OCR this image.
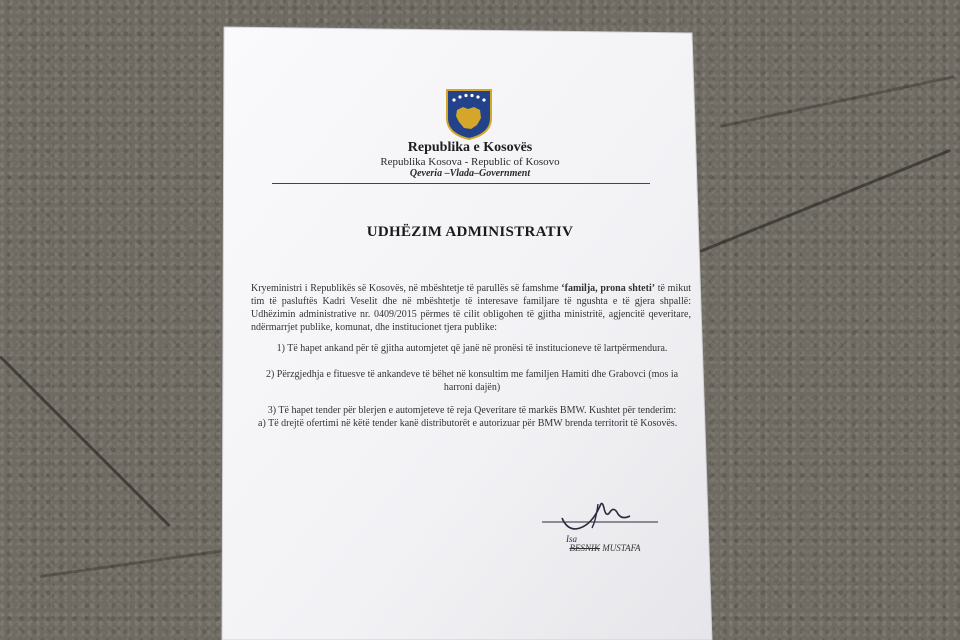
Republika e Kosovës
Republika Kosova - Republic of Kosovo
Qeveria –Vlada–Government
UDHËZIM ADMINISTRATIV
Kryeministri i Republikës së Kosovës, në mbështetje të parullës së famshme ‘familja, prona shteti’ të mikut tim të pasluftës Kadri Veselit dhe në mbështetje të interesave familjare të ngushta e të gjera shpallë: Udhëzimin administrative nr. 0409/2015 përmes të cilit obligohen të gjitha ministritë, agjencitë qeveritare, ndërmarrjet publike, komunat, dhe institucionet tjera publike:
1) Të hapet ankand për të gjitha automjetet që janë në pronësi të institucioneve të lartpërmendura.
2) Përzgjedhja e fituesve të ankandeve të bëhet në konsultim me familjen Hamiti dhe Grabovci (mos ia harroni dajën)
3) Të hapet tender për blerjen e automjeteve të reja Qeveritare të markës BMW. Kushtet për tenderim:
a) Të drejtë ofertimi në këtë tender kanë distributorët e autorizuar për BMW brenda territorit të Kosovës.
Isa
BESNIK MUSTAFA
